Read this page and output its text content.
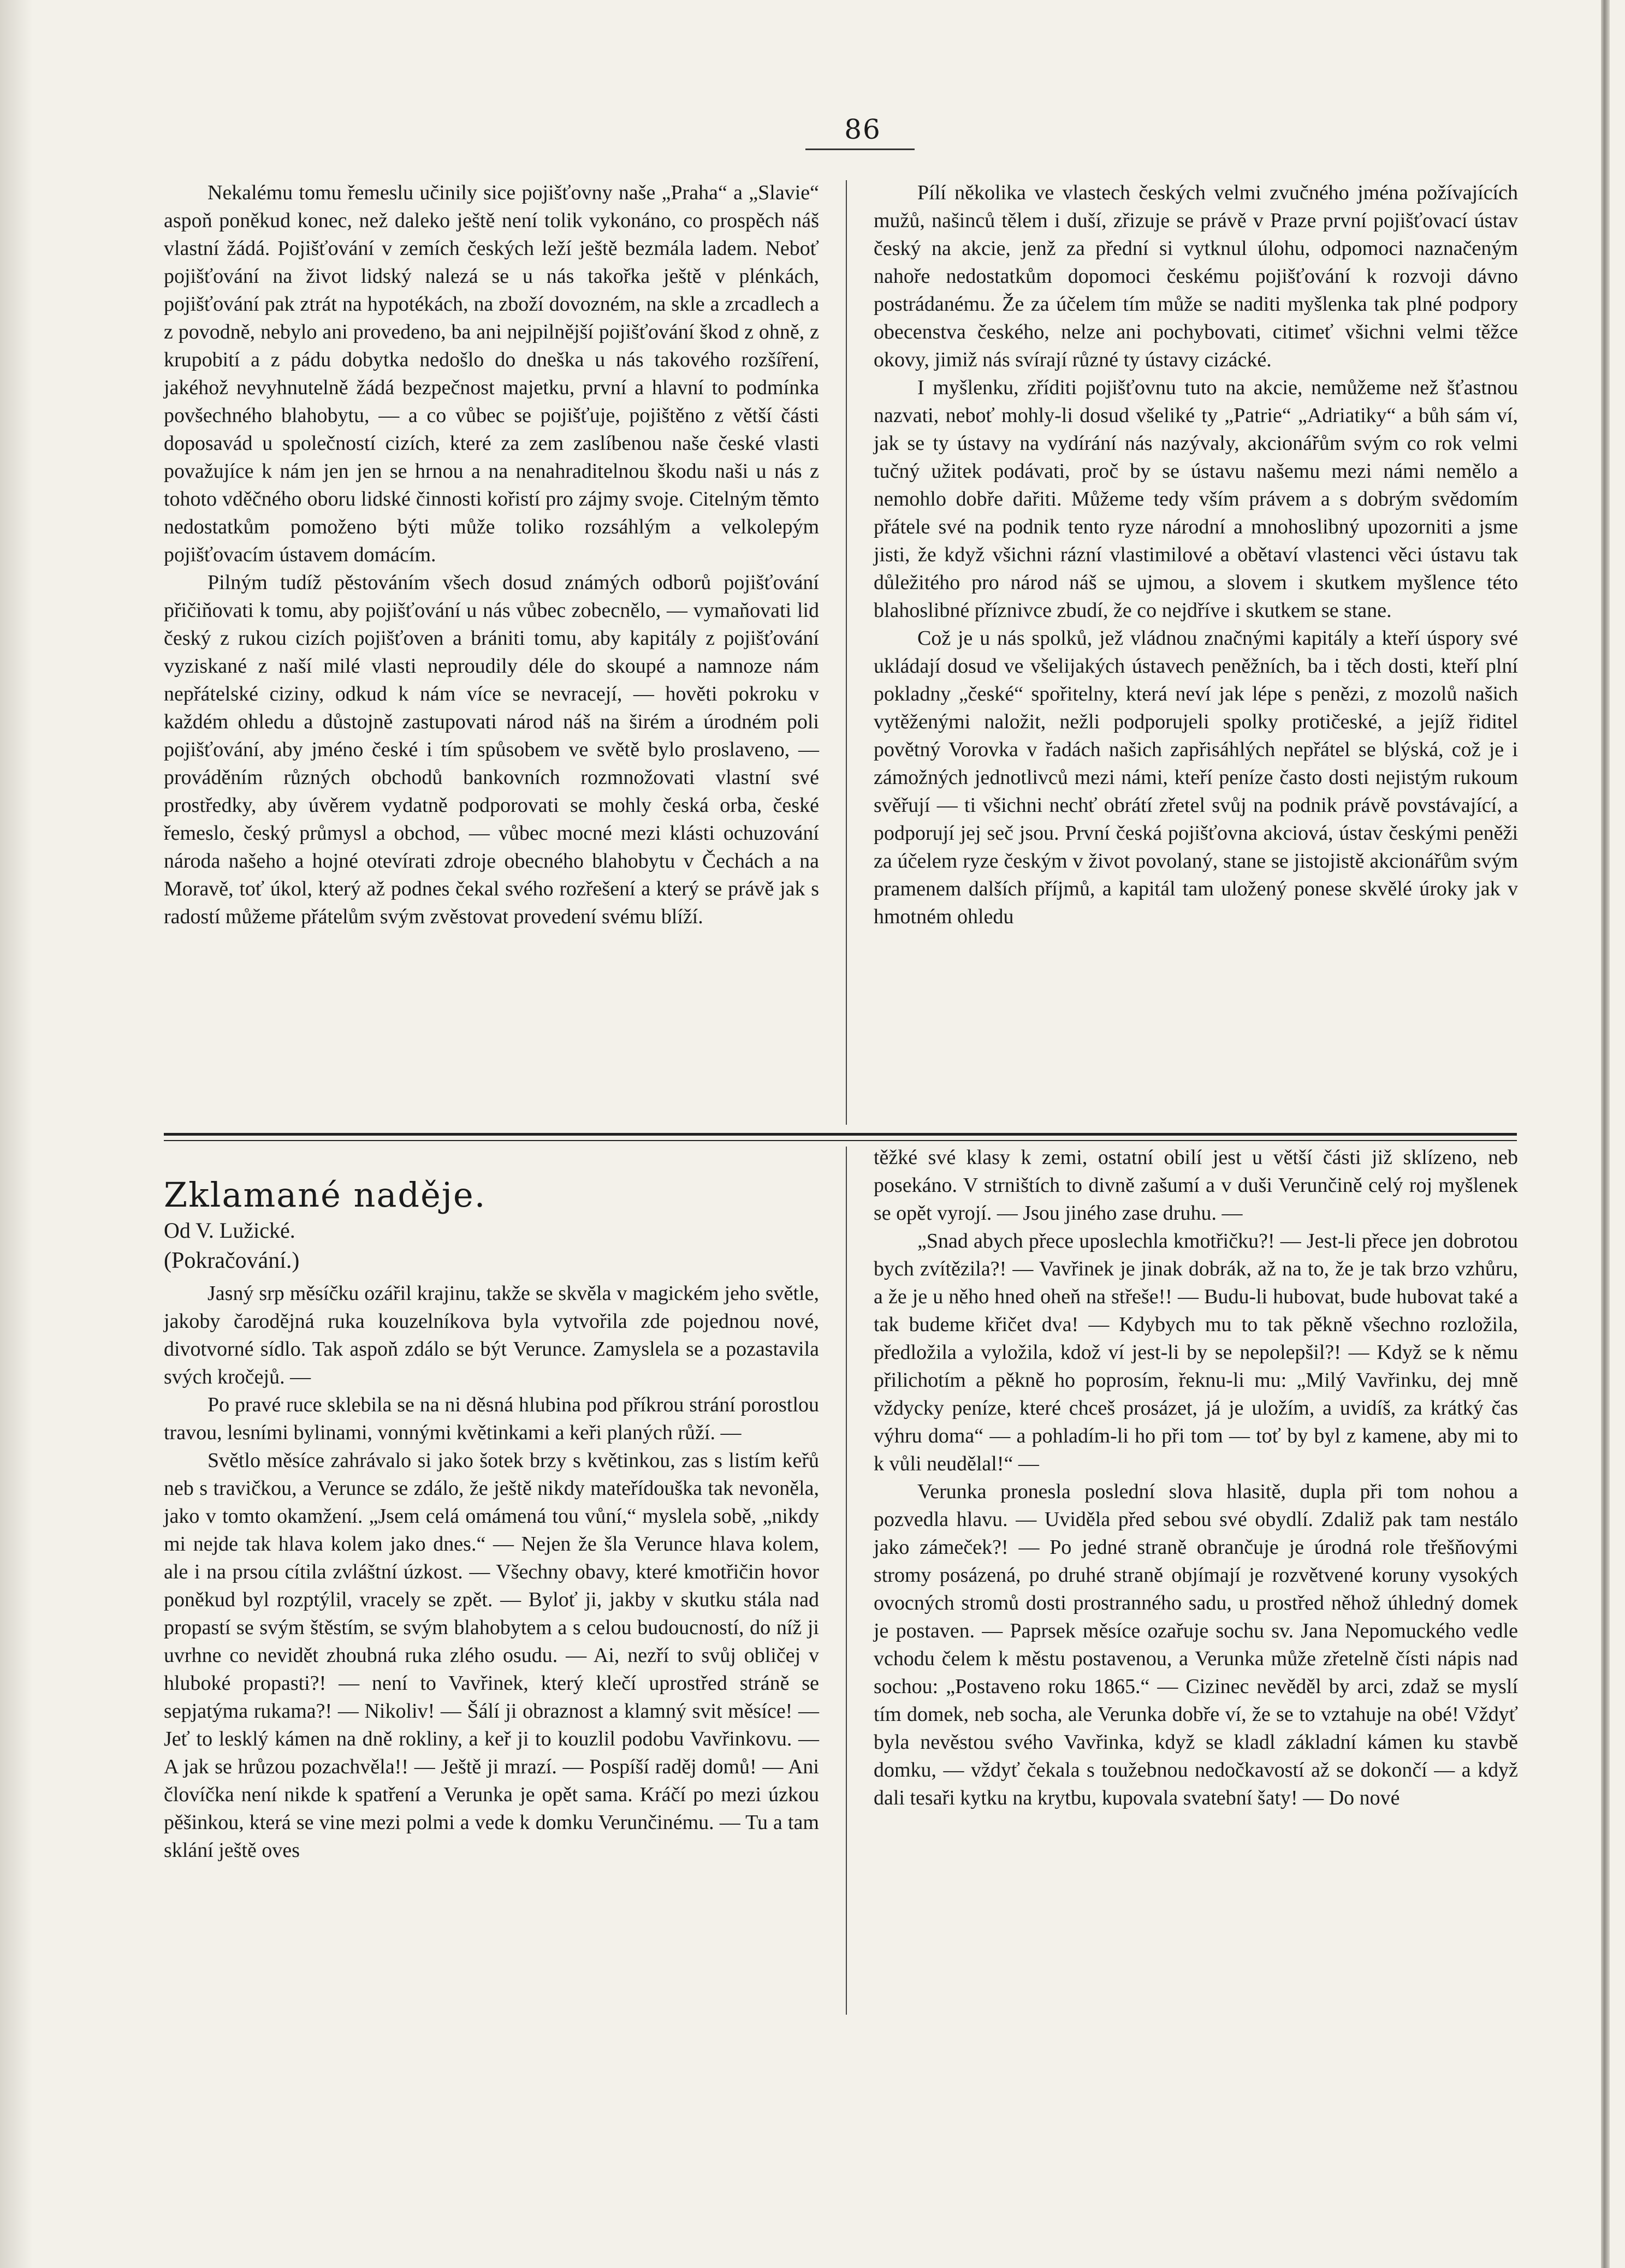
86

Nekalému tomu řemeslu učinily sice pojišťovny naše „Praha“ a „Slavie“ aspoň poněkud konec, než daleko ještě není tolik vykonáno, co prospěch náš vlastní žádá. Pojišťování v zemích českých leží ještě bezmála ladem. Neboť pojišťování na život lidský nalezá se u nás takořka ještě v plénkách, pojišťování pak ztrát na hypotékách, na zboží dovozném, na skle a zrcadlech a z povodně, nebylo ani provedeno, ba ani nejpilnější pojišťování škod z ohně, z krupobití a z pádu dobytka nedošlo do dneška u nás takového rozšíření, jakéhož nevyhnutelně žádá bezpečnost majetku, první a hlavní to podmínka povšechného blahobytu, — a co vůbec se pojišťuje, pojištěno z větší části doposavád u společností cizích, které za zem zaslíbenou naše české vlasti považujíce k nám jen jen se hrnou a na nenahraditelnou škodu naši u nás z tohoto vděčného oboru lidské činnosti kořistí pro zájmy svoje. Citelným těmto nedostatkům pomoženo býti může toliko rozsáhlým a velkolepým pojišťovacím ústavem domácím.

Pilným tudíž pěstováním všech dosud známých odborů pojišťování přičiňovati k tomu, aby pojišťování u nás vůbec zobecnělo, — vymaňovati lid český z rukou cizích pojišťoven a brániti tomu, aby kapitály z pojišťování vyziskané z naší milé vlasti neproudily déle do skoupé a namnoze nám nepřátelské ciziny, odkud k nám více se nevracejí, — hověti pokroku v každém ohledu a důstojně zastupovati národ náš na širém a úrodném poli pojišťování, aby jméno české i tím spůsobem ve světě bylo proslaveno, — prováděním různých obchodů bankovních rozmnožovati vlastní své prostředky, aby úvěrem vydatně podporovati se mohly česká orba, české řemeslo, český průmysl a obchod, — vůbec mocné mezi klásti ochuzování národa našeho a hojné otevírati zdroje obecného blahobytu v Čechách a na Moravě, toť úkol, který až podnes čekal svého rozřešení a který se právě jak s radostí můžeme přátelům svým zvěstovat provedení svému blíží.

Pílí několika ve vlastech českých velmi zvučného jména požívajících mužů, našinců tělem i duší, zřizuje se právě v Praze první pojišťovací ústav český na akcie, jenž za přední si vytknul úlohu, odpomoci naznačeným nahoře nedostatkům dopomoci českému pojišťování k rozvoji dávno postrádanému. Že za účelem tím může se naditi myšlenka tak plné podpory obecenstva českého, nelze ani pochybovati, citimeť všichni velmi těžce okovy, jimiž nás svírají různé ty ústavy cizácké.

I myšlenku, zříditi pojišťovnu tuto na akcie, nemůžeme než šťastnou nazvati, neboť mohly-li dosud všeliké ty „Patrie“ „Adriatiky“ a bůh sám ví, jak se ty ústavy na vydírání nás nazývaly, akcionářům svým co rok velmi tučný užitek podávati, proč by se ústavu našemu mezi námi nemělo a nemohlo dobře dařiti. Můžeme tedy vším právem a s dobrým svědomím přátele své na podnik tento ryze národní a mnohoslibný upozorniti a jsme jisti, že když všichni rázní vlastimilové a obětaví vlastenci věci ústavu tak důležitého pro národ náš se ujmou, a slovem i skutkem myšlence této blahoslibné příznivce zbudí, že co nejdříve i skutkem se stane.

Což je u nás spolků, jež vládnou značnými kapitály a kteří úspory své ukládají dosud ve všelijakých ústavech peněžních, ba i těch dosti, kteří plní pokladny „české“ spořitelny, která neví jak lépe s penězi, z mozolů našich vytěženými naložit, nežli podporujeli spolky protičeské, a jejíž řiditel povětný Vorovka v řadách našich zapřisáhlých nepřátel se blýská, což je i zámožných jednotlivců mezi námi, kteří peníze často dosti nejistým rukoum svěřují — ti všichni nechť obrátí zřetel svůj na podnik právě povstávající, a podporují jej seč jsou. První česká pojišťovna akciová, ústav českými peněži za účelem ryze českým v život povolaný, stane se jistojistě akcionářům svým pramenem dalších příjmů, a kapitál tam uložený ponese skvělé úroky jak v hmotném ohledu

Zklamané naděje.
Od V. Lužické.
(Pokračování.)

Jasný srp měsíčku ozářil krajinu, takže se skvěla v magickém jeho světle, jakoby čarodějná ruka kouzelníkova byla vytvořila zde pojednou nové, divotvorné sídlo. Tak aspoň zdálo se být Verunce. Zamyslela se a pozastavila svých kročejů. —

Po pravé ruce sklebila se na ni děsná hlubina pod příkrou strání porostlou travou, lesními bylinami, vonnými květinkami a keři planých růží. —

Světlo měsíce zahrávalo si jako šotek brzy s květinkou, zas s listím keřů neb s travičkou, a Verunce se zdálo, že ještě nikdy mateřídouška tak nevoněla, jako v tomto okamžení. „Jsem celá omámená tou vůní,“ myslela sobě, „nikdy mi nejde tak hlava kolem jako dnes.“ — Nejen že šla Verunce hlava kolem, ale i na prsou cítila zvláštní úzkost. — Všechny obavy, které kmotřičin hovor poněkud byl rozptýlil, vracely se zpět. — Byloť ji, jakby v skutku stála nad propastí se svým štěstím, se svým blahobytem a s celou budoucností, do níž ji uvrhne co nevidět zhoubná ruka zlého osudu. — Ai, nezří to svůj obličej v hluboké propasti?! — není to Vavřinek, který klečí uprostřed stráně se sepjatýma rukama?! — Nikoliv! — Šálí ji obraznost a klamný svit měsíce! — Jeť to lesklý kámen na dně rokliny, a keř ji to kouzlil podobu Vavřinkovu. — A jak se hrůzou pozachvěla!! — Ještě ji mrazí. — Pospíší raděj domů! — Ani človíčka není nikde k spatření a Verunka je opět sama. Kráčí po mezi úzkou pěšinkou, která se vine mezi polmi a vede k domku Verunčinému. — Tu a tam sklání ještě oves

těžké své klasy k zemi, ostatní obilí jest u větší části již sklízeno, neb posekáno. V strništích to divně zašumí a v duši Verunčině celý roj myšlenek se opět vyrojí. — Jsou jiného zase druhu. —

„Snad abych přece uposlechla kmotřičku?! — Jest-li přece jen dobrotou bych zvítězila?! — Vavřinek je jinak dobrák, až na to, že je tak brzo vzhůru, a že je u něho hned oheň na střeše!! — Budu-li hubovat, bude hubovat také a tak budeme křičet dva! — Kdybych mu to tak pěkně všechno rozložila, předložila a vyložila, kdož ví jest-li by se nepolepšil?! — Když se k němu přilichotím a pěkně ho poprosím, řeknu-li mu: „Milý Vavřinku, dej mně vždycky peníze, které chceš prosázet, já je uložím, a uvidíš, za krátký čas výhru doma“ — a pohladím-li ho při tom — toť by byl z kamene, aby mi to k vůli neudělal!“ —

Verunka pronesla poslední slova hlasitě, dupla při tom nohou a pozvedla hlavu. — Uviděla před sebou své obydlí. Zdaliž pak tam nestálo jako zámeček?! — Po jedné straně obrančuje je úrodná role třešňovými stromy posázená, po druhé straně objímají je rozvětvené koruny vysokých ovocných stromů dosti prostranného sadu, u prostřed něhož úhledný domek je postaven. — Paprsek měsíce ozařuje sochu sv. Jana Nepomuckého vedle vchodu čelem k městu postavenou, a Verunka může zřetelně čísti nápis nad sochou: „Postaveno roku 1865.“ — Cizinec nevěděl by arci, zdaž se myslí tím domek, neb socha, ale Verunka dobře ví, že se to vztahuje na obé! Vždyť byla nevěstou svého Vavřinka, když se kladl základní kámen ku stavbě domku, — vždyť čekala s toužebnou nedočkavostí až se dokončí — a když dali tesaři kytku na krytbu, kupovala svatební šaty! — Do nové
